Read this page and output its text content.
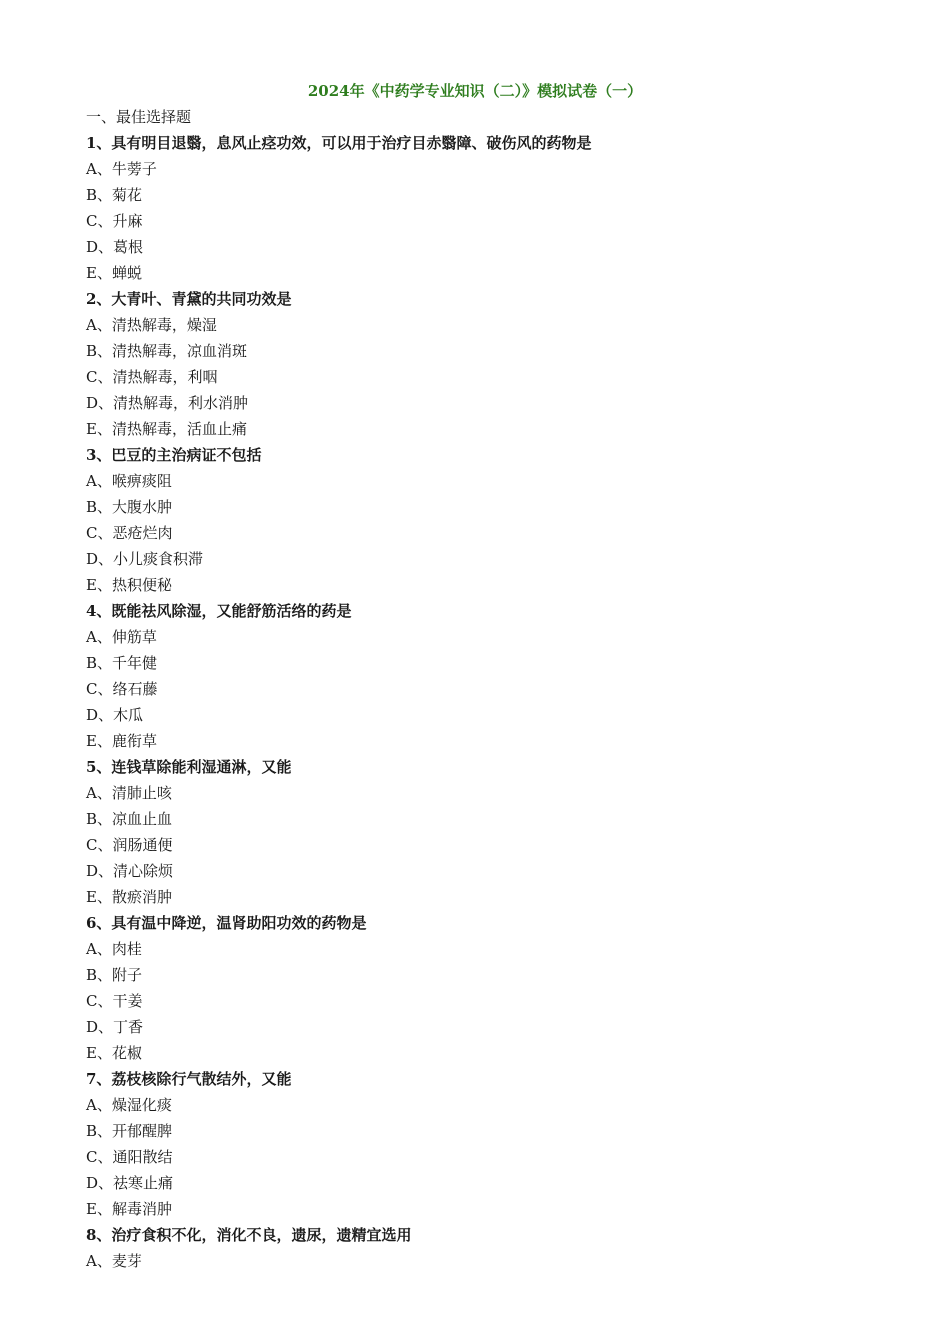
2024年《中药学专业知识（二）》模拟试卷（一）
一、最佳选择题
1、具有明目退翳，息风止痉功效，可以用于治疗目赤翳障、破伤风的药物是
A、牛蒡子
B、菊花
C、升麻
D、葛根
E、蝉蜕
2、大青叶、青黛的共同功效是
A、清热解毒，燥湿
B、清热解毒，凉血消斑
C、清热解毒，利咽
D、清热解毒，利水消肿
E、清热解毒，活血止痛
3、巴豆的主治病证不包括
A、喉痹痰阻
B、大腹水肿
C、恶疮烂肉
D、小儿痰食积滞
E、热积便秘
4、既能祛风除湿，又能舒筋活络的药是
A、伸筋草
B、千年健
C、络石藤
D、木瓜
E、鹿衔草
5、连钱草除能利湿通淋，又能
A、清肺止咳
B、凉血止血
C、润肠通便
D、清心除烦
E、散瘀消肿
6、具有温中降逆，温肾助阳功效的药物是
A、肉桂
B、附子
C、干姜
D、丁香
E、花椒
7、荔枝核除行气散结外，又能
A、燥湿化痰
B、开郁醒脾
C、通阳散结
D、祛寒止痛
E、解毒消肿
8、治疗食积不化，消化不良，遗尿，遗精宜选用
A、麦芽
